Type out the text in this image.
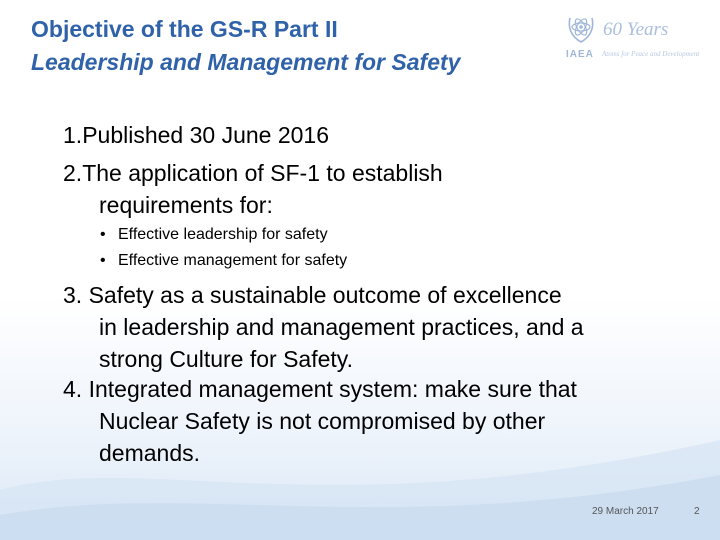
Objective of the GS-R Part II
Leadership and Management for Safety	IAEA
60 Years
Atoms for Peace and Development

1.Published 30 June 2016

2.The application of SF-1 to establish
requirements for:

• Effective leadership for safety
• Effective management for safety

3. Safety as a sustainable outcome of excellence
in leadership and management practices, and a
strong Culture for Safety.

4. Integrated management system: make sure that
Nuclear Safety is not compromised by other
demands.

29 March 2017	2
